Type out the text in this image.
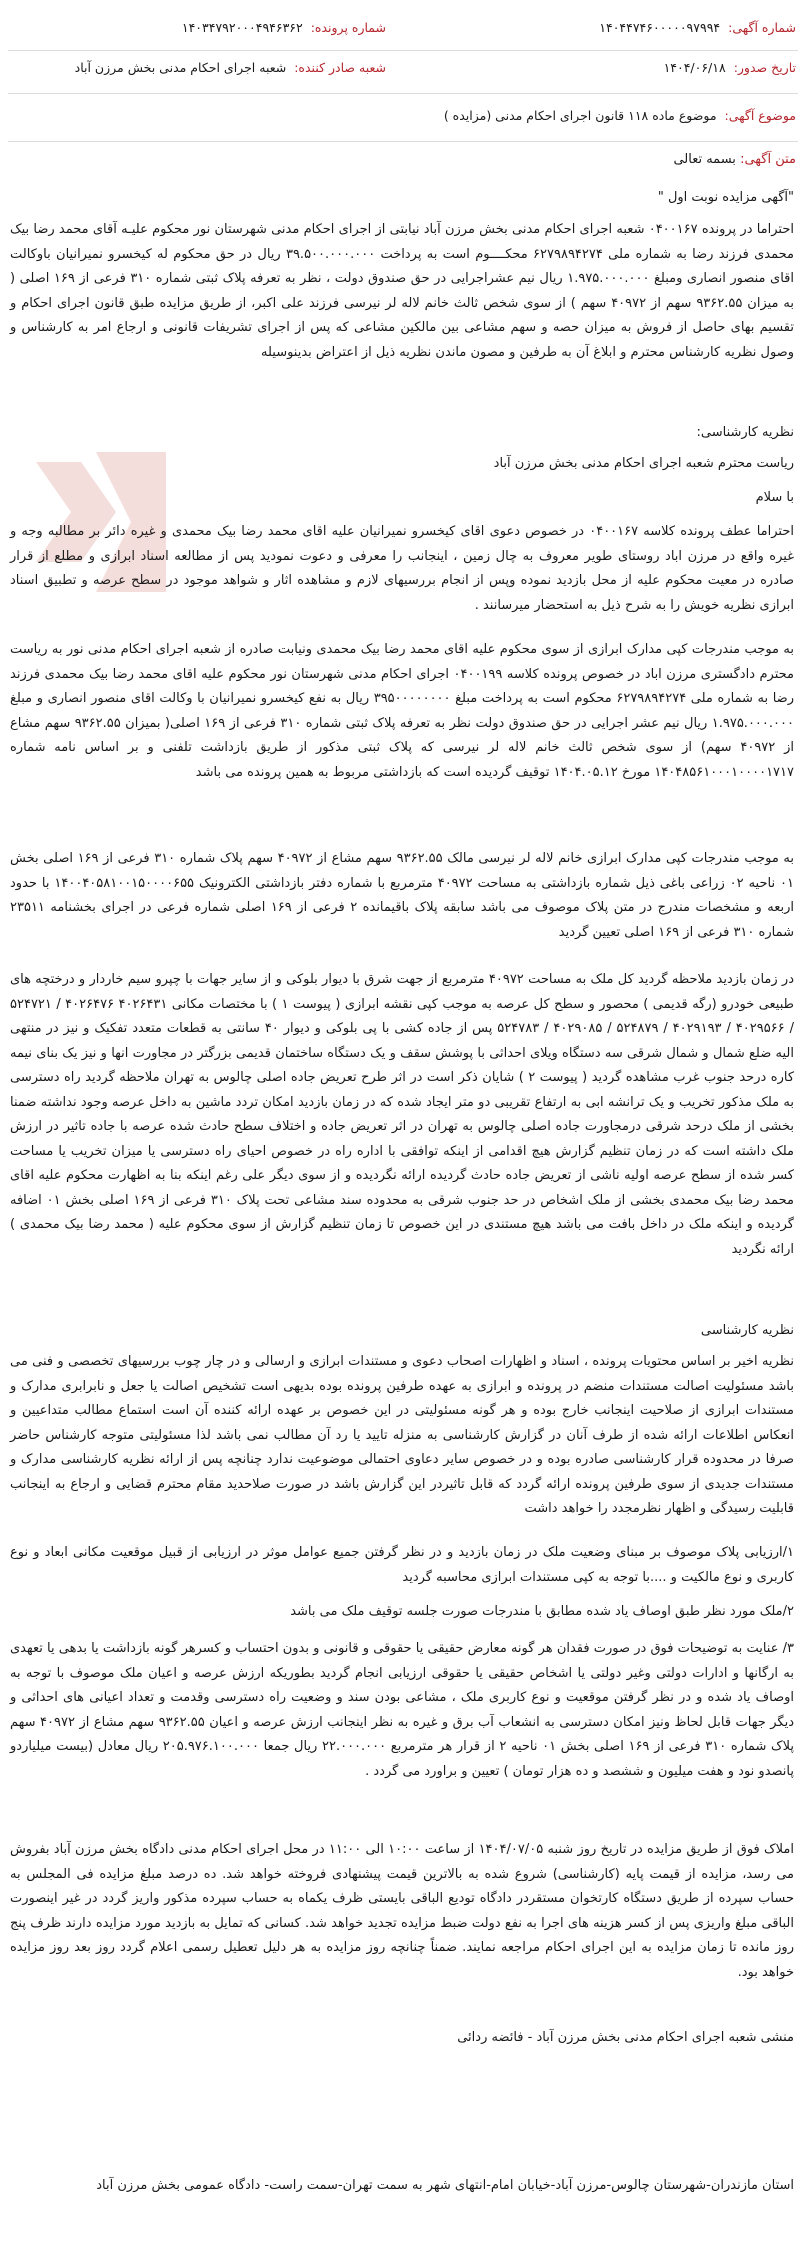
شماره آگهی: ۱۴۰۴۴۷۴۶۰۰۰۰۰۹۷۹۹۴
شماره پرونده: ۱۴۰۳۴۷۹۲۰۰۰۴۹۴۶۳۶۲
تاریخ صدور: ۱۴۰۴/۰۶/۱۸
شعبه صادر کننده: شعبه اجرای احکام مدنی بخش مرزن آباد
موضوع آگهی: موضوع ماده ۱۱۸ قانون اجرای احکام مدنی (مزایده )
متن آگهی: بسمه تعالی
"آگهی مزایده نوبت اول "
احتراما در پرونده ۰۴۰۰۱۶۷ شعبه اجرای احکام مدنی بخش مرزن آباد نیابتی از اجرای احکام مدنی شهرستان نور محکوم علیـه آقای محمد رضا بیک محمدی فرزند رضا به شماره ملی ۶۲۷۹۸۹۴۲۷۴ محکــــوم است به پرداخت ۳۹.۵۰۰.۰۰۰.۰۰۰ ریال در حق محکوم له کیخسرو نمیرانیان باوکالت اقای منصور انصاری ومبلغ ۱.۹۷۵.۰۰۰.۰۰۰ ریال نیم عشراجرایی در حق صندوق دولت ، نظر به تعرفه پلاک ثبتی شماره ۳۱۰ فرعی از ۱۶۹ اصلی ( به میزان ۹۳۶۲.۵۵ سهم از ۴۰۹۷۲ سهم ) از سوی شخص ثالث خانم لاله لر نیرسی فرزند علی اکبر، از طریق مزایده طبق قانون اجرای احکام و تقسیم بهای حاصل از فروش به میزان حصه و سهم مشاعی بین مالکین مشاعی که پس از اجرای تشریفات قانونی و ارجاع امر به کارشناس و وصول نظریه کارشناس محترم و ابلاغ آن به طرفین و مصون ماندن نظریه ذیل از اعتراض بدینوسیله
نظریه کارشناسی:
ریاست محترم شعبه اجرای احکام مدنی بخش مرزن آباد
با سلام
احتراما عطف پرونده کلاسه ۰۴۰۰۱۶۷ در خصوص دعوی اقای کیخسرو نمیرانیان علیه اقای محمد رضا بیک محمدی و غیره دائر بر مطالبه وجه و غیره واقع در مرزن اباد روستای طویر معروف به چال زمین ، اینجانب را معرفی و دعوت نمودید پس از مطالعه اسناد ابرازی و مطلع از قرار صادره در معیت محکوم علیه از محل بازدید نموده وپس از انجام بررسیهای لازم و مشاهده اثار و شواهد موجود در سطح عرصه و تطبیق اسناد ابرازی نظریه خویش را به شرح ذیل به استحضار میرسانند .
به موجب مندرجات کپی مدارک ابرازی از سوی محکوم علیه اقای محمد رضا بیک محمدی ونیابت صادره از شعبه اجرای احکام مدنی نور به ریاست محترم دادگستری مرزن اباد در خصوص پرونده کلاسه ۰۴۰۰۱۹۹ اجرای احکام مدنی شهرستان نور محکوم علیه اقای محمد رضا بیک محمدی فرزند رضا به شماره ملی ۶۲۷۹۸۹۴۲۷۴ محکوم است به پرداخت مبلغ ۳۹۵۰۰۰۰۰۰۰۰ ریال به نفع کیخسرو نمیرانیان با وکالت اقای منصور انصاری و مبلغ ۱.۹۷۵.۰۰۰.۰۰۰ ریال نیم عشر اجرایی در حق صندوق دولت نظر به تعرفه پلاک ثبتی شماره ۳۱۰ فرعی از ۱۶۹ اصلی( بمیزان ۹۳۶۲.۵۵ سهم مشاع از ۴۰۹۷۲ سهم) از سوی شخص ثالث خانم لاله لر نیرسی که پلاک ثبتی مذکور از طریق بازداشت تلفنی و بر اساس نامه شماره ۱۴۰۴۸۵۶۱۰۰۰۱۰۰۰۰۱۷۱۷ مورخ ۱۴۰۴.۰۵.۱۲ توقیف گردیده است که بازداشتی مربوط به همین پرونده می باشد
به موجب مندرجات کپی مدارک ابرازی خانم لاله لر نیرسی مالک ۹۳۶۲.۵۵ سهم مشاع از ۴۰۹۷۲ سهم پلاک شماره ۳۱۰ فرعی از ۱۶۹ اصلی بخش ۰۱ ناحیه ۰۲ زراعی باغی ذیل شماره بازداشتی به مساحت ۴۰۹۷۲ مترمربع با شماره دفتر بازداشتی الکترونیک ۱۴۰۰۴۰۵۸۱۰۰۱۵۰۰۰۰۶۵۵ با حدود اربعه و مشخصات مندرج در متن پلاک موصوف می باشد سابقه پلاک باقیمانده ۲ فرعی از ۱۶۹ اصلی شماره فرعی در اجرای بخشنامه ۲۳۵۱۱ شماره ۳۱۰ فرعی از ۱۶۹ اصلی تعیین گردید
در زمان بازدید ملاحظه گردید کل ملک به مساحت ۴۰۹۷۲ مترمربع از جهت شرق با دیوار بلوکی و از سایر جهات با چپرو سیم خاردار و درختچه های طبیعی خودرو (رگه قدیمی ) محصور و سطح کل عرصه به موجب کپی نقشه ابرازی ( پیوست ۱ ) با مختصات مکانی ۴۰۲۶۴۳۱ ۴۰۲۶۴۷۶ / ۵۲۴۷۲۱ / ۴۰۲۹۵۶۶ / ۴۰۲۹۱۹۳ / ۵۲۴۸۷۹ / ۴۰۲۹۰۸۵ / ۵۲۴۷۸۳ پس از جاده کشی با پی بلوکی و دیوار ۴۰ سانتی به قطعات متعدد تفکیک و نیز در منتهی الیه ضلع شمال و شمال شرقی سه دستگاه ویلای احداثی با پوشش سقف و یک دستگاه ساختمان قدیمی بزرگتر در مجاورت انها و نیز یک بنای نیمه کاره درحد جنوب غرب مشاهده گردید ( پیوست ۲ ) شایان ذکر است در اثر طرح تعریض جاده اصلی چالوس به تهران ملاحظه گردید راه دسترسی به ملک مذکور تخریب و یک ترانشه ابی به ارتفاع تقریبی دو متر ایجاد شده که در زمان بازدید امکان تردد ماشین به داخل عرصه وجود نداشته ضمنا بخشی از ملک درحد شرقی درمجاورت جاده اصلی چالوس به تهران در اثر تعریض جاده و اختلاف سطح حادث شده عرصه با جاده تاثیر در ارزش ملک داشته است که در زمان تنظیم گزارش هیچ اقدامی از اینکه توافقی با اداره راه در خصوص احیای راه دسترسی یا میزان تخریب یا مساحت کسر شده از سطح عرصه اولیه ناشی از تعریض جاده حادث گردیده ارائه نگردیده و از سوی دیگر علی رغم اینکه بنا به اظهارت محکوم علیه اقای محمد رضا بیک محمدی بخشی از ملک اشخاص در حد جنوب شرقی به محدوده سند مشاعی تحت پلاک ۳۱۰ فرعی از ۱۶۹ اصلی بخش ۰۱ اضافه گردیده و اینکه ملک در داخل بافت می باشد هیچ مستندی در این خصوص تا زمان تنظیم گزارش از سوی محکوم علیه ( محمد رضا بیک محمدی ) ارائه نگردید
نظریه کارشناسی
نظریه اخیر بر اساس محتویات پرونده ، اسناد و اظهارات اصحاب دعوی و مستندات ابرازی و ارسالی و در چار چوب بررسیهای تخصصی و فنی می باشد مسئولیت اصالت مستندات منضم در پرونده و ابرازی به عهده طرفین پرونده بوده بدیهی است تشخیص اصالت یا جعل و نابرابری مدارک و مستندات ابرازی از صلاحیت اینجانب خارج بوده و هر گونه مسئولیتی در این خصوص بر عهده ارائه کننده آن است استماع مطالب متداعیین و انعکاس اطلاعات ارائه شده از طرف آنان در گزارش کارشناسی به منزله تایید یا رد آن مطالب نمی باشد لذا مسئولیتی متوجه کارشناس حاضر صرفا در محدوده قرار کارشناسی صادره بوده و در خصوص سایر دعاوی احتمالی موضوعیت ندارد چنانچه پس از ارائه نظریه کارشناسی مدارک و مستندات جدیدی از سوی طرفین پرونده ارائه گردد که قابل تاثیردر این گزارش باشد در صورت صلاحدید مقام محترم قضایی و ارجاع به اینجانب قابلیت رسیدگی و اظهار نظرمجدد را خواهد داشت
۱/ارزیابی پلاک موصوف بر مبنای وضعیت ملک در زمان بازدید و در نظر گرفتن جمیع عوامل موثر در ارزیابی از قبیل موقعیت مکانی ابعاد و نوع کاربری و نوع مالکیت و ....با توجه به کپی مستندات ابرازی محاسبه گردید
۲/ملک مورد نظر طبق اوصاف یاد شده مطابق با مندرجات صورت جلسه توقیف ملک می باشد
۳/ عنایت به توضیحات فوق در صورت فقدان هر گونه معارض حقیقی یا حقوقی و قانونی و بدون احتساب و کسرهر گونه بازداشت یا بدهی یا تعهدی به ارگانها و ادارات دولتی وغیر دولتی یا اشخاص حقیقی یا حقوقی ارزیابی انجام گردید بطوریکه ارزش عرصه و اعیان ملک موصوف با توجه به اوصاف یاد شده و در نظر گرفتن موقعیت و نوع کاربری ملک ، مشاعی بودن سند و وضعیت راه دسترسی وقدمت و تعداد اعیانی های احداثی و دیگر جهات قابل لحاظ ونیز امکان دسترسی به انشعاب آب برق و غیره به نظر اینجانب ارزش عرصه و اعیان ۹۳۶۲.۵۵ سهم مشاع از ۴۰۹۷۲ سهم پلاک شماره ۳۱۰ فرعی از ۱۶۹ اصلی بخش ۰۱ ناحیه ۲ از قرار هر مترمربع ۲۲.۰۰۰.۰۰۰ ریال جمعا ۲۰۵.۹۷۶.۱۰۰.۰۰۰ ریال معادل (بیست میلیاردو پانصدو نود و هفت میلیون و ششصد و ده هزار تومان ) تعیین و براورد می گردد .
املاک فوق از طریق مزایده در تاریخ روز شنبه ۱۴۰۴/۰۷/۰۵ از ساعت ۱۰:۰۰ الی ۱۱:۰۰ در محل اجرای احکام مدنی دادگاه بخش مرزن آباد بفروش می رسد، مزایده از قیمت پایه (کارشناسی) شروع شده به بالاترین قیمت پیشنهادی فروخته خواهد شد. ده درصد مبلغ مزایده فی المجلس به حساب سپرده از طریق دستگاه کارتخوان مستقردر دادگاه تودیع الباقی بایستی ظرف یکماه به حساب سپرده مذکور واریز گردد در غیر اینصورت الباقی مبلغ واریزی پس از کسر هزینه های اجرا به نفع دولت ضبط مزایده تجدید خواهد شد. کسانی که تمایل به بازدید مورد مزایده دارند ظرف پنج روز مانده تا زمان مزایده به این اجرای احکام مراجعه نمایند. ضمناً چنانچه روز مزایده به هر دلیل تعطیل رسمی اعلام گردد روز بعد روز مزایده خواهد بود.
منشی شعبه اجرای احکام مدنی بخش مرزن آباد - فائضه ردائی
استان مازندران-شهرستان چالوس-مرزن آباد-خیابان امام-انتهای شهر به سمت تهران-سمت راست- دادگاه عمومی بخش مرزن آباد
